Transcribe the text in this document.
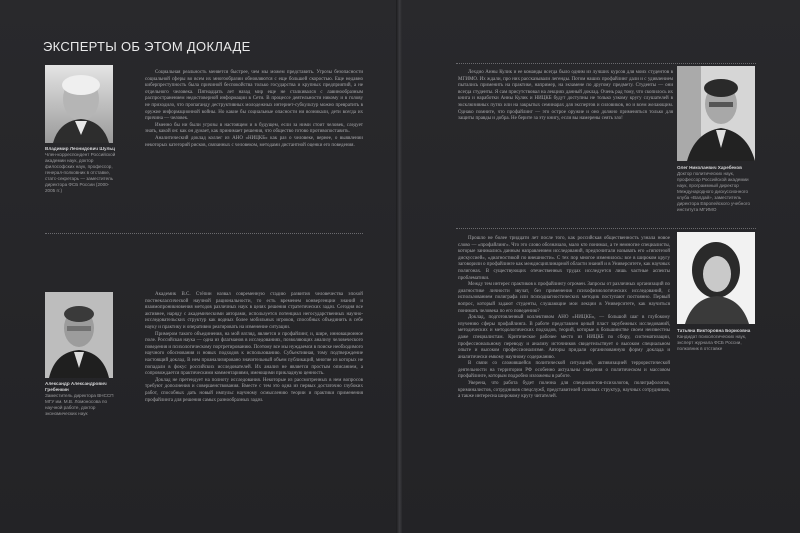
ЭКСПЕРТЫ ОБ ЭТОМ ДОКЛАДЕ
Владимир Леонидович Шульц
Член-корреспондент Российской академии наук, доктор философских наук, профессор, генерал-полковник в отставке, статс-секретарь — заместитель директора ФСБ России (2000-2005 гг.)

Социальная реальность меняется быстрее, чем мы можем представить. Угрозы безопасности социальной сферы во всем их многообразии обновляются с еще большей скоростью. Еще недавно киберпреступность была причиной беспокойства только государства и крупных предприятий, а не отдельного человека. Пятнадцать лет назад мир еще не сталкивался с лавинообразным распространением недостоверной информации в Сети. В процессе деятельности никому и в голову не приходило, что пропаганду деструктивных молодежных интернет-субкультур можно превратить в оружие информационной войны. Но какие бы социальные опасности ни возникали, дети всегда их причина — человек.

Именно бы ни были угрозы в настоящем и в будущем, если за ними стоит человек, следует знать, какой он: как он думает, как принимает решения, что общество готово противопоставить.

Аналитический доклад коллег из АНО «НИЦКБ» как раз о человеке, вернее, о выявлении некоторых категорий рисков, связанных с человеком, методами дистантной оценки его поведения.

Александр Александрович Гребенкин
Заместитель директора ВНССП МГУ им. М.В. Ломоносова по научной работе, доктор экономических наук

Академик В.С. Стёпин назвал современную стадию развития человечества эпохой постнеклассической научной рациональности, то есть временем конвергенции знаний и взаимопроникновения методов различных наук в целях решения стратегических задач. Сегодня все активнее, наряду с академическими авторами, используется потенциал негосударственных научно-исследовательских структур как водных более мобильных игроков, способных объединить в себе науку и практику и оперативно реагировать на изменение ситуации.

Примером такого объединения, на мой взгляд, является и профайлинг, и, шире, инновационное поле. Российская наука — одна из флагманов в исследованиях, позволяющих анализу человеческого поведения и психологическому портретированию. Поэтому все мы нуждаемся в поиске необходимого научного обоснования и новых подходов к использованию. Субъективная, тому подтверждение настоящий доклад. В нем проанализировано значительный объем публикаций, многие из которых не попадали в фокус российских исследователей. Их анализ не является простым описанием, а сопровождается практическими комментариями, имеющими прикладную ценность.

Доклад не претендует на полноту исследования. Некоторые из рассмотренных в нем вопросов требуют дополнения и совершенствования. Вместе с тем это одна из первых достаточно глубоких работ, способных дать новый импульс научному осмыслению теории и практики применения профайлинга для решения самых разнообразных задач.

Лехдио Анны Кулик и ее команды всегда было одним из лучших курсов для моих студентов в МГИМО. Их ждали, про них рассказывали легенды. Потом наших профайлинг дали и с удивлением пытались применить на практике, например, на экзамене по другому предмету. Студенты — они всегда студенты. Я сам присутствовал на лекциях данный доклад. Очень рад тому, что скопилось их книга и наработки Анны Кулик и НИЦКБ будут доступны не только узкому кругу слушателей в эксклюзивных путях или на закрытых семинарах для экспертов и силовиков, но и всем желающим. Однако помните, что профайлинг — это острое оружие и оно должно применяться только для защиты правды и добра. Не берите за эту книгу, если вы намерены сеять зло!

Олег Николаевич Харебеков
Доктор политических наук, профессор Российской академии наук, программный директор Международного дискуссионного клуба «Валдай», заместитель директора Европейского учебного института МГИМО

Прошло не более тридцати лет после того, как российская общественность узнала новое слово — «профайлинг». Что это слово обозначало, мало кто понимал, а те немногие специалисты, которые занимались данным направлением исследований, предпочитали называть его «гипотезой дискуссией», «диагностикой по внешности». С тех пор многое изменилось: все в широком кругу заговорили о профайлинге как междисциплинарной области знаний и в Университете, как научных полигонах. В существующих отечественных трудах исследуется лишь частные аспекты проблематики.

Между тем интерес практиков к профайлингу огромен. Запросы от различных организаций по диагностике личности звучат, без применения психофизиологических исследований, с использованием полиграфа или психодиагностических методик поступают постоянно. Первый вопрос, который задают студенты, слушающие мои лекции в Университете, как научиться понимать человека по его поведению?

Доклад, подготовленный коллективом АНО «НИЦКБ», — большой шаг в глубокому изучению сферы профайлинга. В работе представлен целый пласт зарубежных исследований, методических и методологических подходов, теорий, которые в большинстве своем неизвестны даже специалистам. Критическое рабочее место из НИЦКБ по сбору, систематизации, профессиональному переводу и анализу источников свидетельствует о высоком специальном опыте и высоком профессионализме. Авторы придали организованную форму доклада и аналитически емкому научному содержанию.

В связи со сложившейся политической ситуацией, активизацией террористической деятельности на территории РФ особенно актуальны сведения о политическом и массовом профайлинге, которым подробно изложены в работе.

Уверена, что работа будет полезна для специалистов-психологов, полиграфологов, криминалистов, сотрудников спецслужб, представителей силовых структур, научных сотрудников, а также интересна широкому кругу читателей.

Татьяна Викторовна Борисовна
Кандидат психологических наук, эксперт журнала ФСБ России, полковник в отставке
